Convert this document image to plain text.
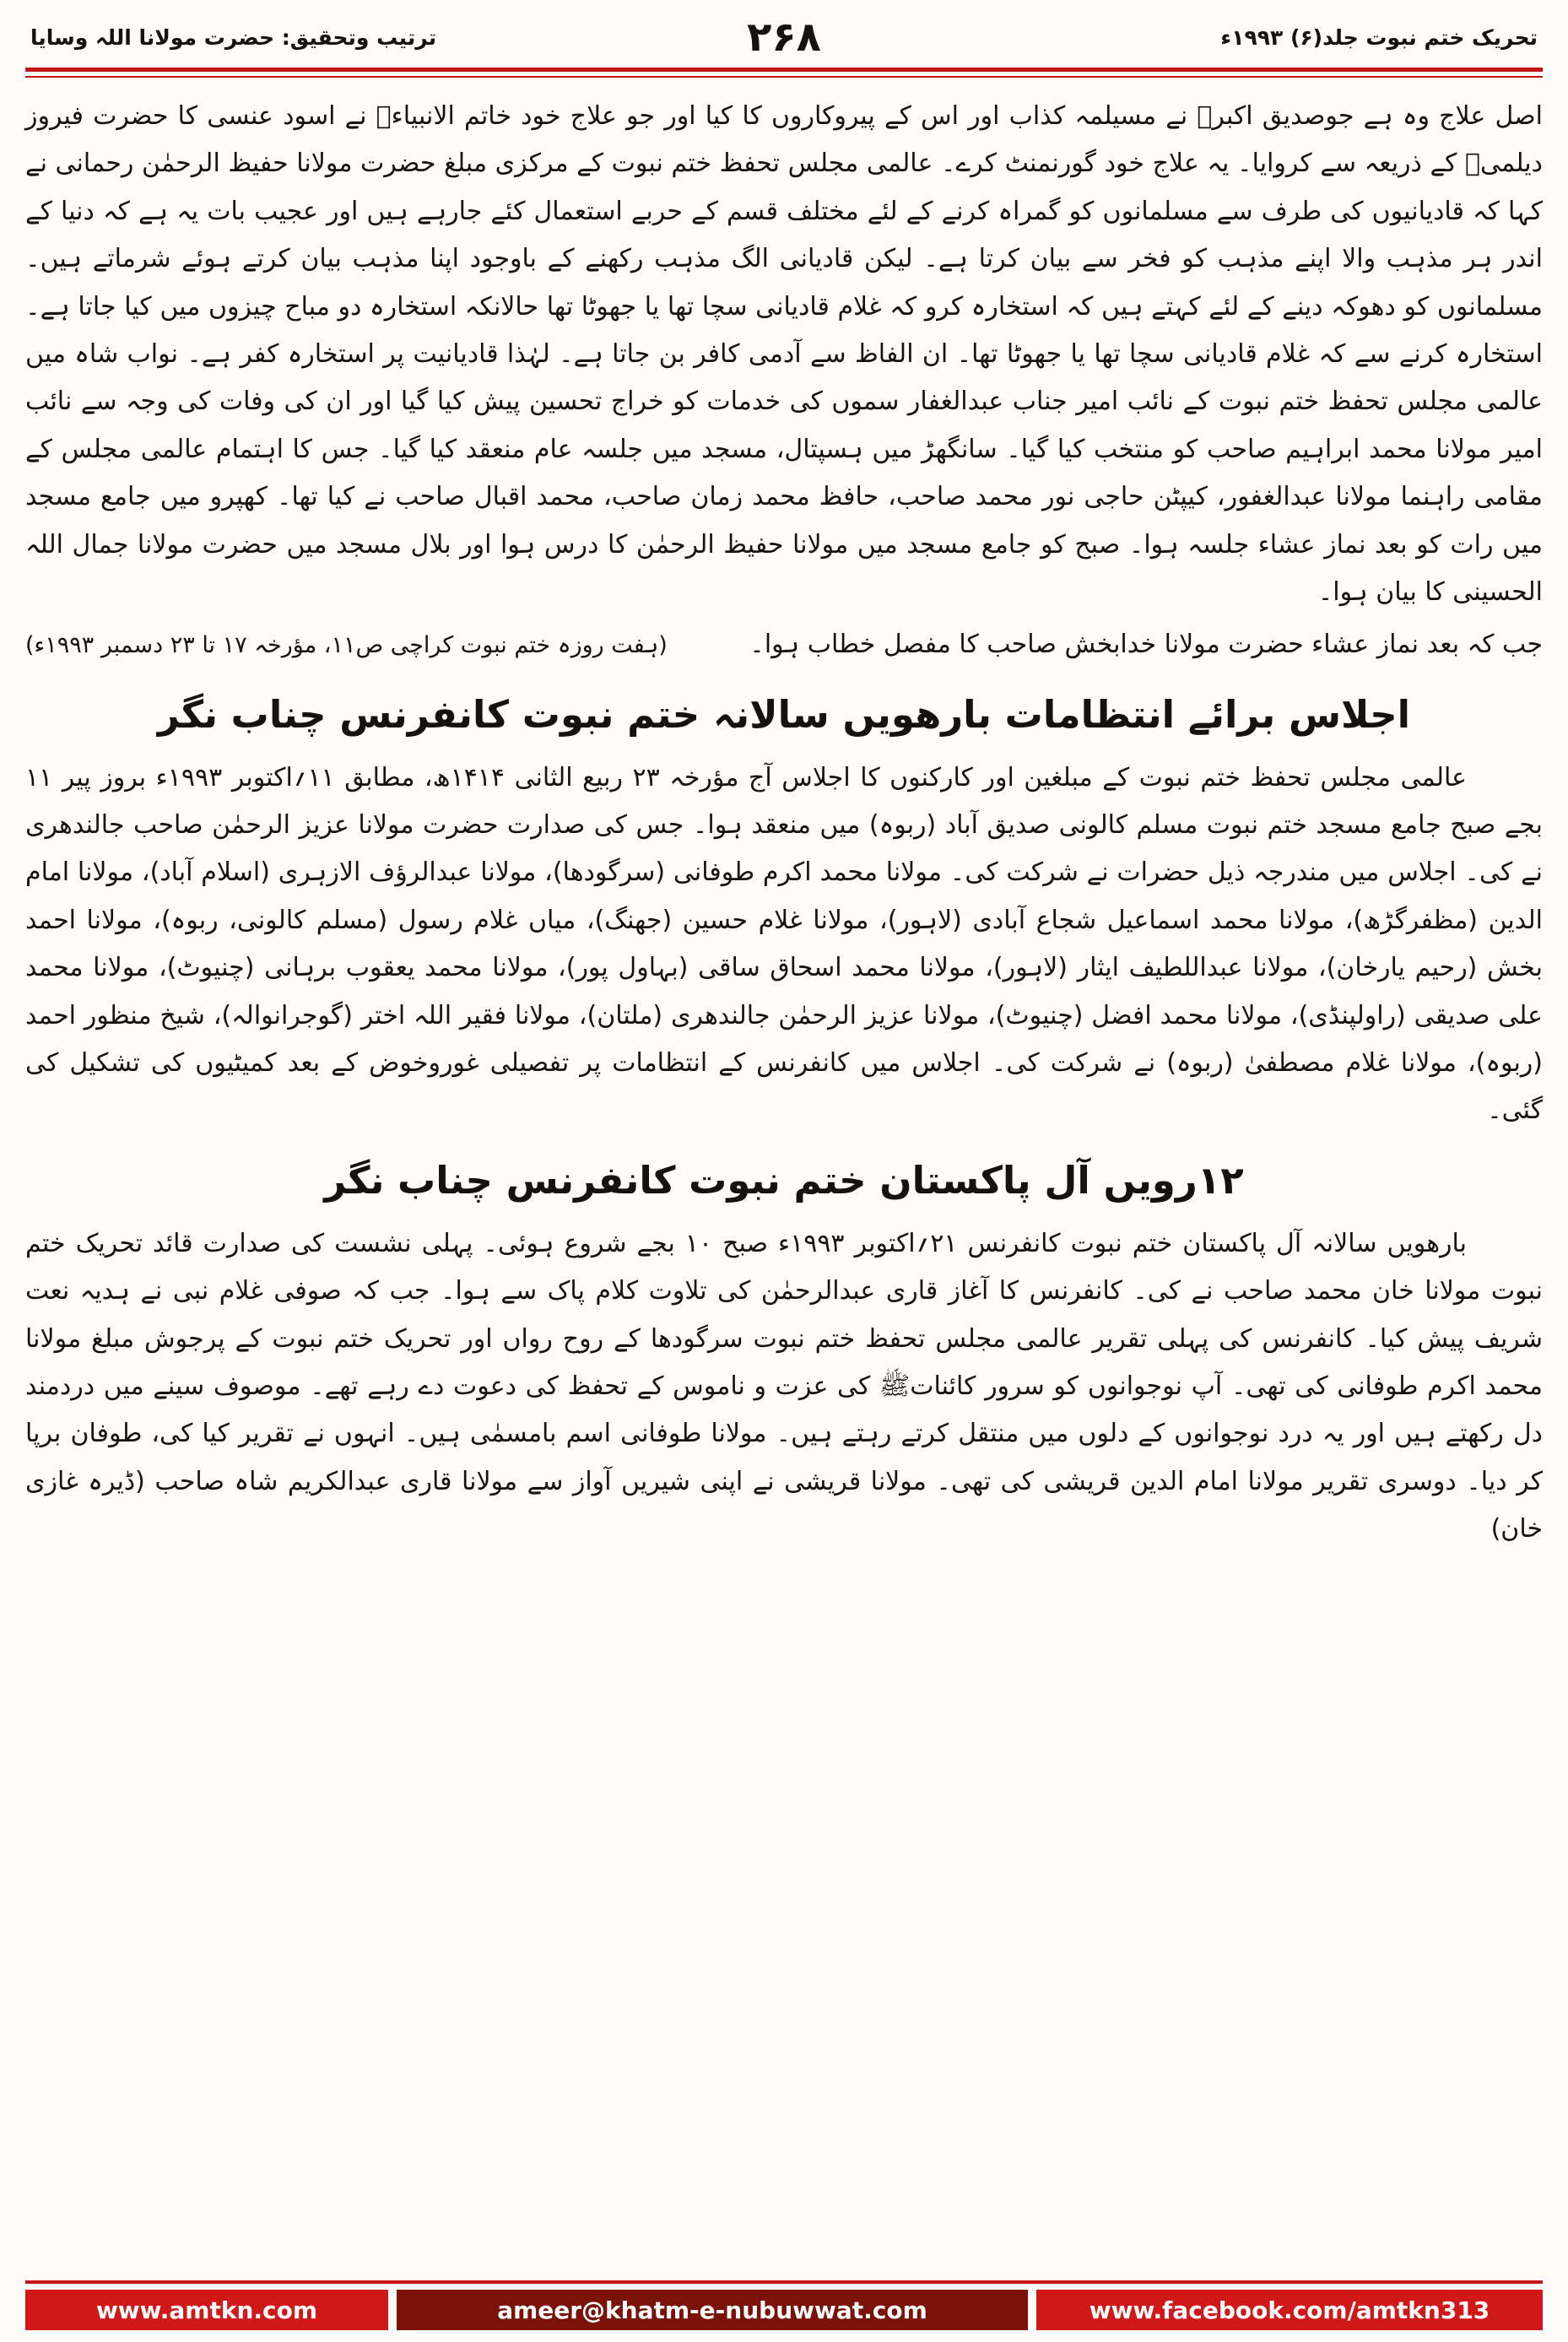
تحریک ختم نبوت جلد(۶) ۱۹۹۳ء
۲۶۸
ترتیب وتحقیق: حضرت مولانا اللہ وسایا

اصل علاج وہ ہے جوصدیق اکبرؓ نے مسیلمہ کذاب اور اس کے پیروکاروں کا کیا اور جو علاج خود خاتم الانبیاءﷺ نے اسود عنسی کا حضرت فیروز دیلمیؓ کے ذریعہ سے کروایا۔ یہ علاج خود گورنمنٹ کرے۔ عالمی مجلس تحفظ ختم نبوت کے مرکزی مبلغ حضرت مولانا حفیظ الرحمٰن رحمانی نے کہا کہ قادیانیوں کی طرف سے مسلمانوں کو گمراہ کرنے کے لئے مختلف قسم کے حربے استعمال کئے جارہے ہیں اور عجیب بات یہ ہے کہ دنیا کے اندر ہر مذہب والا اپنے مذہب کو فخر سے بیان کرتا ہے۔ لیکن قادیانی الگ مذہب رکھنے کے باوجود اپنا مذہب بیان کرتے ہوئے شرماتے ہیں۔ مسلمانوں کو دھوکہ دینے کے لئے کہتے ہیں کہ استخارہ کرو کہ غلام قادیانی سچا تھا یا جھوٹا تھا حالانکہ استخارہ دو مباح چیزوں میں کیا جاتا ہے۔ استخارہ کرنے سے کہ غلام قادیانی سچا تھا یا جھوٹا تھا۔ ان الفاظ سے آدمی کافر بن جاتا ہے۔ لہٰذا قادیانیت پر استخارہ کفر ہے۔ نواب شاہ میں عالمی مجلس تحفظ ختم نبوت کے نائب امیر جناب عبدالغفار سموں کی خدمات کو خراج تحسین پیش کیا گیا اور ان کی وفات کی وجہ سے نائب امیر مولانا محمد ابراہیم صاحب کو منتخب کیا گیا۔ سانگھڑ میں ہسپتال، مسجد میں جلسہ عام منعقد کیا گیا۔ جس کا اہتمام عالمی مجلس کے مقامی راہنما مولانا عبدالغفور، کیپٹن حاجی نور محمد صاحب، حافظ محمد زمان صاحب، محمد اقبال صاحب نے کیا تھا۔ کھپرو میں جامع مسجد میں رات کو بعد نماز عشاء جلسہ ہوا۔ صبح کو جامع مسجد میں مولانا حفیظ الرحمٰن کا درس ہوا اور بلال مسجد میں حضرت مولانا جمال اللہ الحسینی کا بیان ہوا۔

جب کہ بعد نماز عشاء حضرت مولانا خدابخش صاحب کا مفصل خطاب ہوا۔
(ہفت روزہ ختم نبوت کراچی ص۱۱، مؤرخہ ۱۷ تا ۲۳ دسمبر ۱۹۹۳ء)
اجلاس برائے انتظامات بارھویں سالانہ ختم نبوت کانفرنس چناب نگر

عالمی مجلس تحفظ ختم نبوت کے مبلغین اور کارکنوں کا اجلاس آج مؤرخہ ۲۳ ربیع الثانی ۱۴۱۴ھ، مطابق ۱۱؍اکتوبر ۱۹۹۳ء بروز پیر ۱۱ بجے صبح جامع مسجد ختم نبوت مسلم کالونی صدیق آباد (ربوہ) میں منعقد ہوا۔ جس کی صدارت حضرت مولانا عزیز الرحمٰن صاحب جالندھری نے کی۔ اجلاس میں مندرجہ ذیل حضرات نے شرکت کی۔ مولانا محمد اکرم طوفانی (سرگودھا)، مولانا عبدالرؤف الازہری (اسلام آباد)، مولانا امام الدین (مظفرگڑھ)، مولانا محمد اسماعیل شجاع آبادی (لاہور)، مولانا غلام حسین (جھنگ)، میاں غلام رسول (مسلم کالونی، ربوہ)، مولانا احمد بخش (رحیم یارخان)، مولانا عبداللطیف ایثار (لاہور)، مولانا محمد اسحاق ساقی (بہاول پور)، مولانا محمد یعقوب برہانی (چنیوٹ)، مولانا محمد علی صدیقی (راولپنڈی)، مولانا محمد افضل (چنیوٹ)، مولانا عزیز الرحمٰن جالندھری (ملتان)، مولانا فقیر اللہ اختر (گوجرانوالہ)، شیخ منظور احمد (ربوہ)، مولانا غلام مصطفیٰ (ربوہ) نے شرکت کی۔ اجلاس میں کانفرنس کے انتظامات پر تفصیلی غوروخوض کے بعد کمیٹیوں کی تشکیل کی گئی۔

۱۲رویں آل پاکستان ختم نبوت کانفرنس چناب نگر

بارھویں سالانہ آل پاکستان ختم نبوت کانفرنس ۲۱؍اکتوبر ۱۹۹۳ء صبح ۱۰ بجے شروع ہوئی۔ پہلی نشست کی صدارت قائد تحریک ختم نبوت مولانا خان محمد صاحب نے کی۔ کانفرنس کا آغاز قاری عبدالرحمٰن کی تلاوت کلام پاک سے ہوا۔ جب کہ صوفی غلام نبی نے ہدیہ نعت شریف پیش کیا۔ کانفرنس کی پہلی تقریر عالمی مجلس تحفظ ختم نبوت سرگودھا کے روح رواں اور تحریک ختم نبوت کے پرجوش مبلغ مولانا محمد اکرم طوفانی کی تھی۔ آپ نوجوانوں کو سرور کائناتﷺ کی عزت و ناموس کے تحفظ کی دعوت دے رہے تھے۔ موصوف سینے میں دردمند دل رکھتے ہیں اور یہ درد نوجوانوں کے دلوں میں منتقل کرتے رہتے ہیں۔ مولانا طوفانی اسم بامسمٰی ہیں۔ انہوں نے تقریر کیا کی، طوفان برپا کر دیا۔ دوسری تقریر مولانا امام الدین قریشی کی تھی۔ مولانا قریشی نے اپنی شیریں آواز سے مولانا قاری عبدالکریم شاہ صاحب (ڈیرہ غازی خان)

www.amtkn.com	ameer@khatm-e-nubuwwat.com	www.facebook.com/amtkn313
